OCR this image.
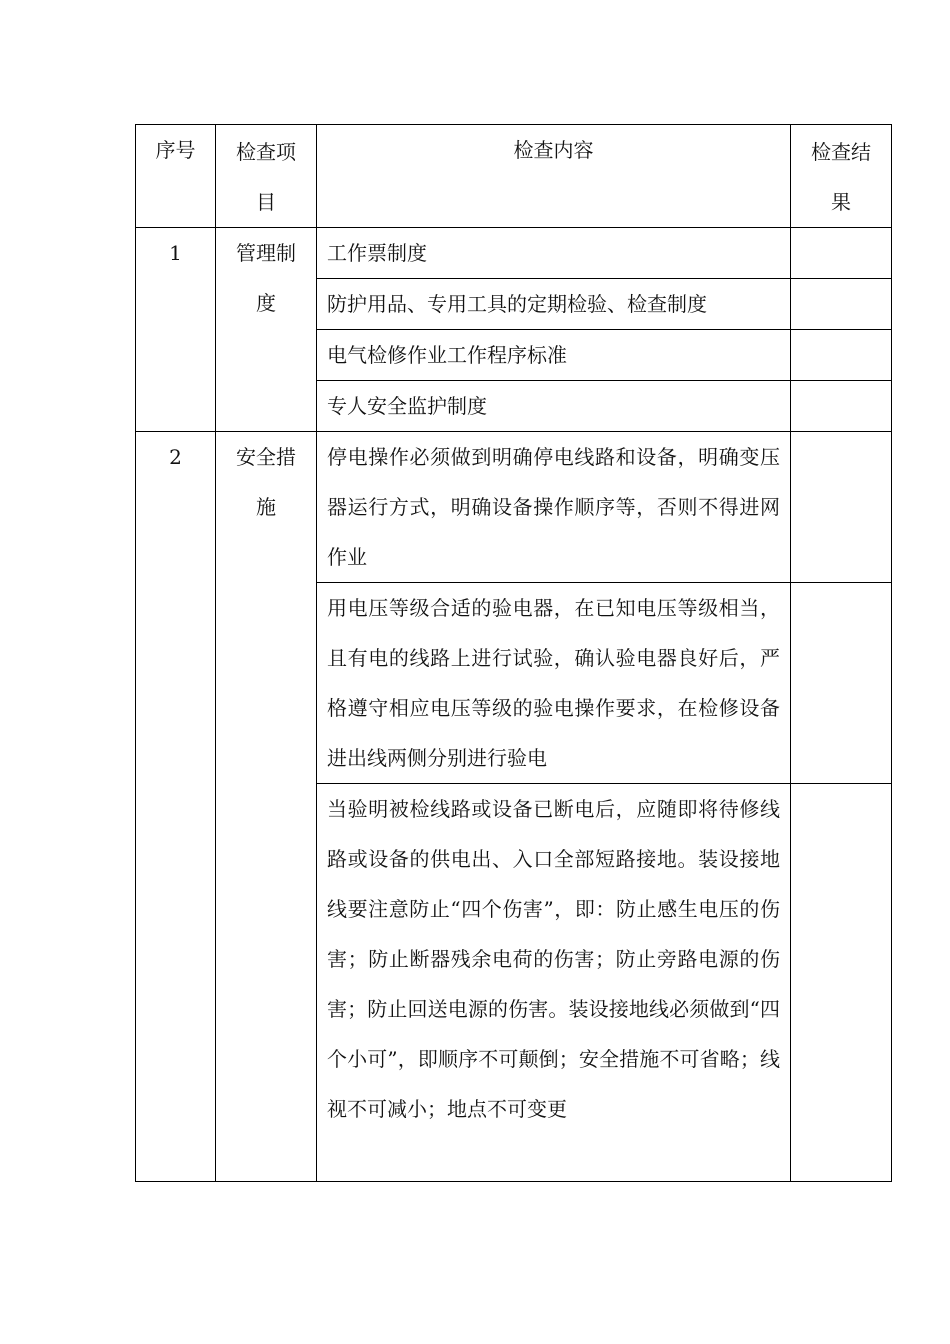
序号	检查项目	检查内容	检查结果
1	管理制度	工作票制度	
		防护用品、专用工具的定期检验、检查制度	
		电气检修作业工作程序标准	
		专人安全监护制度	
2	安全措施	停电操作必须做到明确停电线路和设备，明确变压器运行方式，明确设备操作顺序等，否则不得进网作业	
		用电压等级合适的验电器，在已知电压等级相当，且有电的线路上进行试验，确认验电器良好后，严格遵守相应电压等级的验电操作要求，在检修设备进出线两侧分别进行验电	
		当验明被检线路或设备已断电后，应随即将待修线路或设备的供电出、入口全部短路接地。装设接地线要注意防止“四个伤害”，即：防止感生电压的伤害；防止断器残余电荷的伤害；防止旁路电源的伤害；防止回送电源的伤害。装设接地线必须做到“四个小可”，即顺序不可颠倒；安全措施不可省略；线视不可减小；地点不可变更	
